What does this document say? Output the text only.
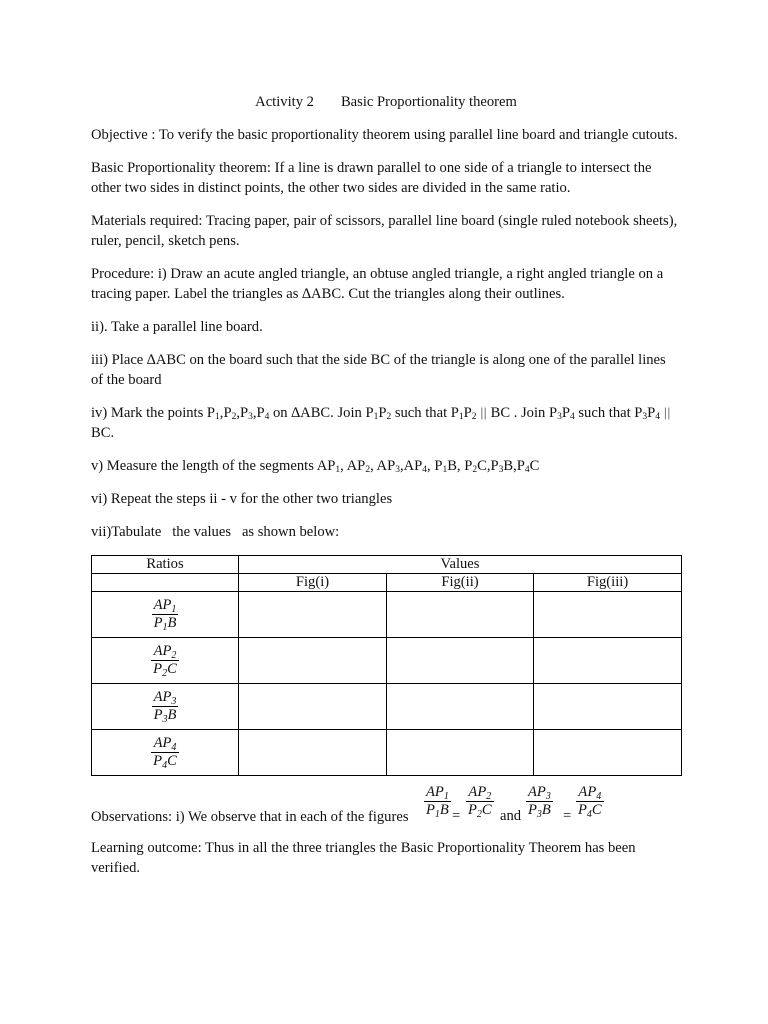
Activity 2 Basic Proportionality theorem

Objective : To verify the basic proportionality theorem using parallel line board and triangle cutouts.

Basic Proportionality theorem: If a line is drawn parallel to one side of a triangle to intersect the other two sides in distinct points, the other two sides are divided in the same ratio.

Materials required: Tracing paper, pair of scissors, parallel line board (single ruled notebook sheets), ruler, pencil, sketch pens.

Procedure: i) Draw an acute angled triangle, an obtuse angled triangle, a right angled triangle on a tracing paper. Label the triangles as ∆ABC. Cut the triangles along their outlines.

ii). Take a parallel line board.

iii) Place ∆ABC on the board such that the side BC of the triangle is along one of the parallel lines of the board

iv) Mark the points $P_1,P_2,P_3,P_4$ on ∆ABC. Join $P_1P_2$ such that $P_1P_2$ || BC . Join $P_3P_4$ such that $P_3P_4$ || BC.

v) Measure the length of the segments $AP_1$, $AP_2$, $AP_3,AP_4$, $P_1B$, $P_2C,P_3B,P_4C$

vi) Repeat the steps ii - v for the other two triangles

vii)Tabulate   the values   as shown below:

Ratios	Values		
	Fig(i)	Fig(ii)	Fig(iii)

$\frac{AP_1}{P_1B}$

$\frac{AP_2}{P_2C}$

$\frac{AP_3}{P_3B}$

$\frac{AP_4}{P_4C}$

Observations: i) We observe that in each of the figures $\frac{AP_1}{P_1B} = \frac{AP_2}{P_2C}$ and $\frac{AP_3}{P_3B} = \frac{AP_4}{P_4C}$

Learning outcome: Thus in all the three triangles the Basic Proportionality Theorem has been verified.
